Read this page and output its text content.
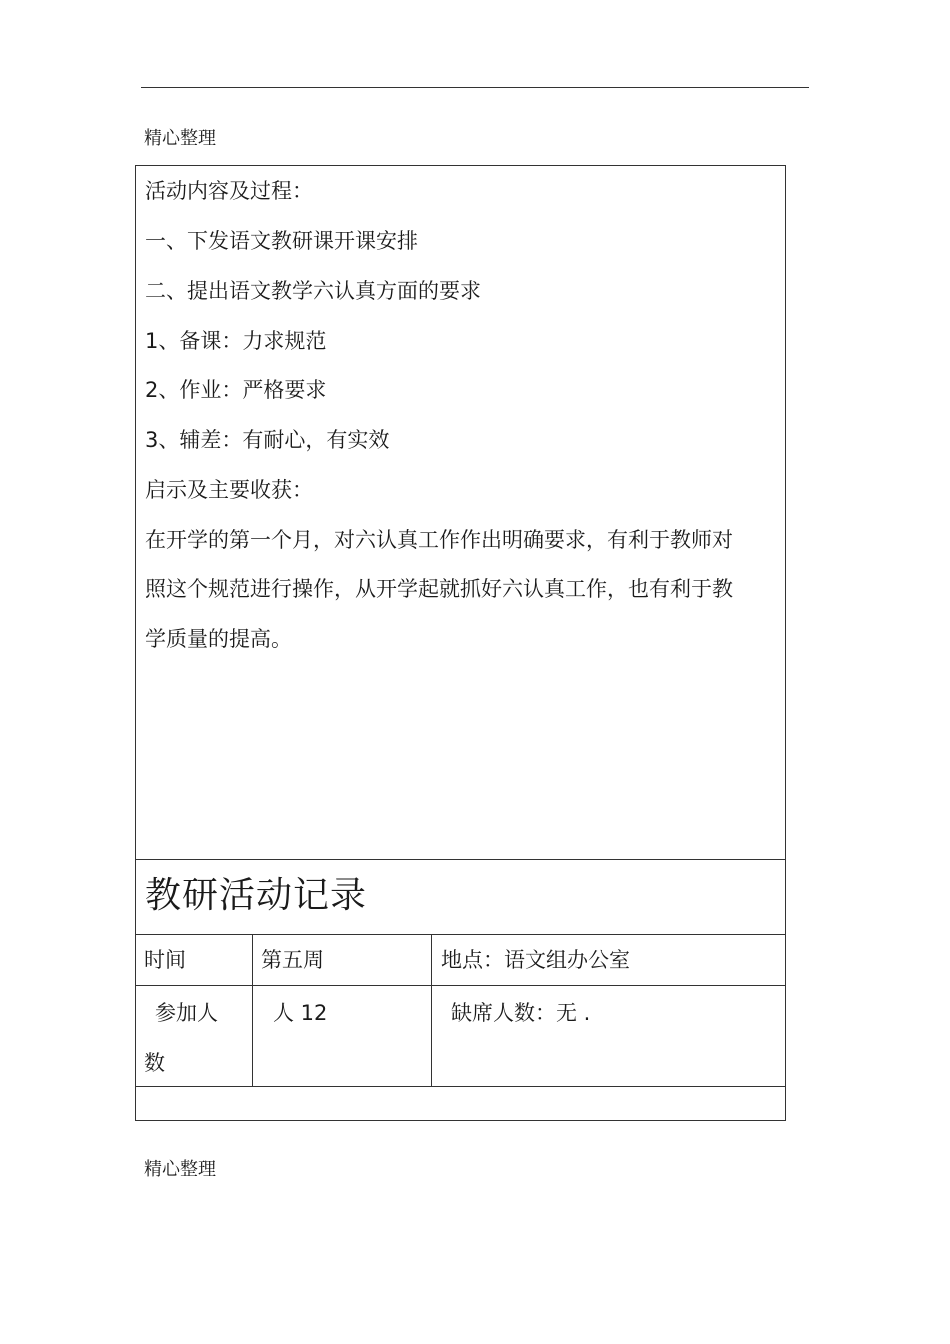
精心整理
活动内容及过程：
一、下发语文教研课开课安排
二、提出语文教学六认真方面的要求
1、备课：力求规范
2、作业：严格要求
3、辅差：有耐心，有实效
启示及主要收获：
在开学的第一个月，对六认真工作作出明确要求，有利于教师对
照这个规范进行操作，从开学起就抓好六认真工作，也有利于教
学质量的提高。
教研活动记录
时间	第五周	地点：语文组办公室
参加人
数
人 12	缺席人数：无 .
精心整理
